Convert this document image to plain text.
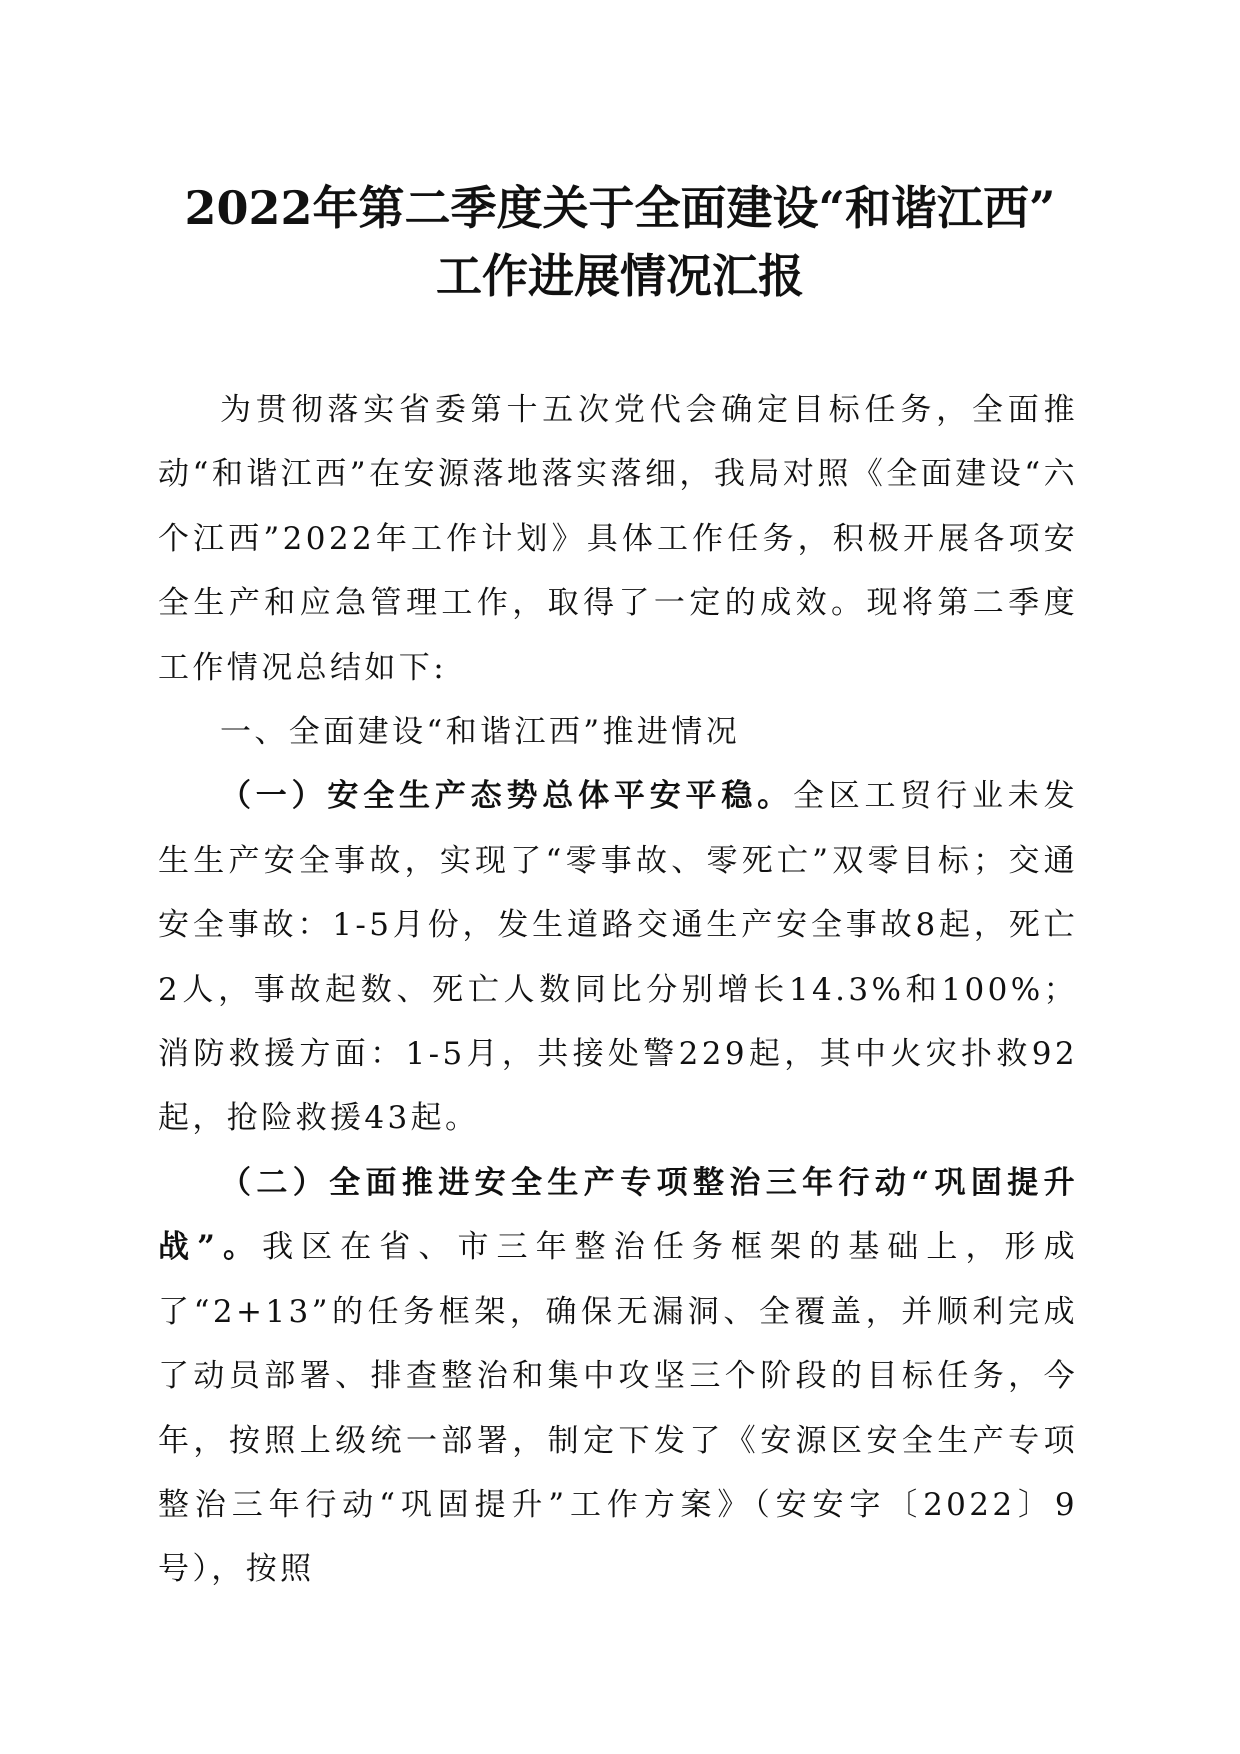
2022年第二季度关于全面建设“和谐江西”
工作进展情况汇报

为贯彻落实省委第十五次党代会确定目标任务，全面推动“和谐江西”在安源落地落实落细，我局对照《全面建设“六个江西”2022年工作计划》具体工作任务，积极开展各项安全生产和应急管理工作，取得了一定的成效。现将第二季度工作情况总结如下:

一、全面建设“和谐江西”推进情况

（一）安全生产态势总体平安平稳。全区工贸行业未发生生产安全事故，实现了“零事故、零死亡”双零目标；交通安全事故：1-5月份，发生道路交通生产安全事故8起，死亡2人，事故起数、死亡人数同比分别增长14.3%和100%；消防救援方面：1-5月，共接处警229起，其中火灾扑救92起，抢险救援43起。

（二）全面推进安全生产专项整治三年行动“巩固提升战”。我区在省、市三年整治任务框架的基础上，形成了“2+13”的任务框架，确保无漏洞、全覆盖，并顺利完成了动员部署、排查整治和集中攻坚三个阶段的目标任务，今年，按照上级统一部署，制定下发了《安源区安全生产专项整治三年行动“巩固提升”工作方案》（安安字〔2022〕9号），按照
